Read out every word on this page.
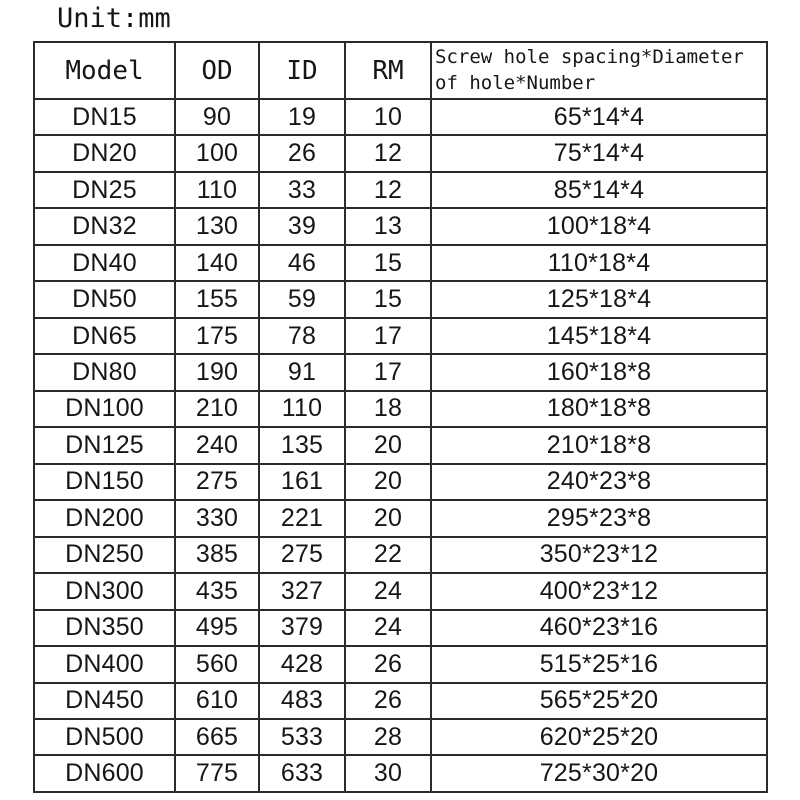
Unit:mm
Model	OD	ID	RM	Screw hole spacing*Diameter
of hole*Number

DN15	90	19	10	65*14*4
DN20	100	26	12	75*14*4
DN25	110	33	12	85*14*4
DN32	130	39	13	100*18*4
DN40	140	46	15	110*18*4
DN50	155	59	15	125*18*4
DN65	175	78	17	145*18*4
DN80	190	91	17	160*18*8
DN100	210	110	18	180*18*8
DN125	240	135	20	210*18*8
DN150	275	161	20	240*23*8
DN200	330	221	20	295*23*8
DN250	385	275	22	350*23*12
DN300	435	327	24	400*23*12
DN350	495	379	24	460*23*16
DN400	560	428	26	515*25*16
DN450	610	483	26	565*25*20
DN500	665	533	28	620*25*20
DN600	775	633	30	725*30*20
